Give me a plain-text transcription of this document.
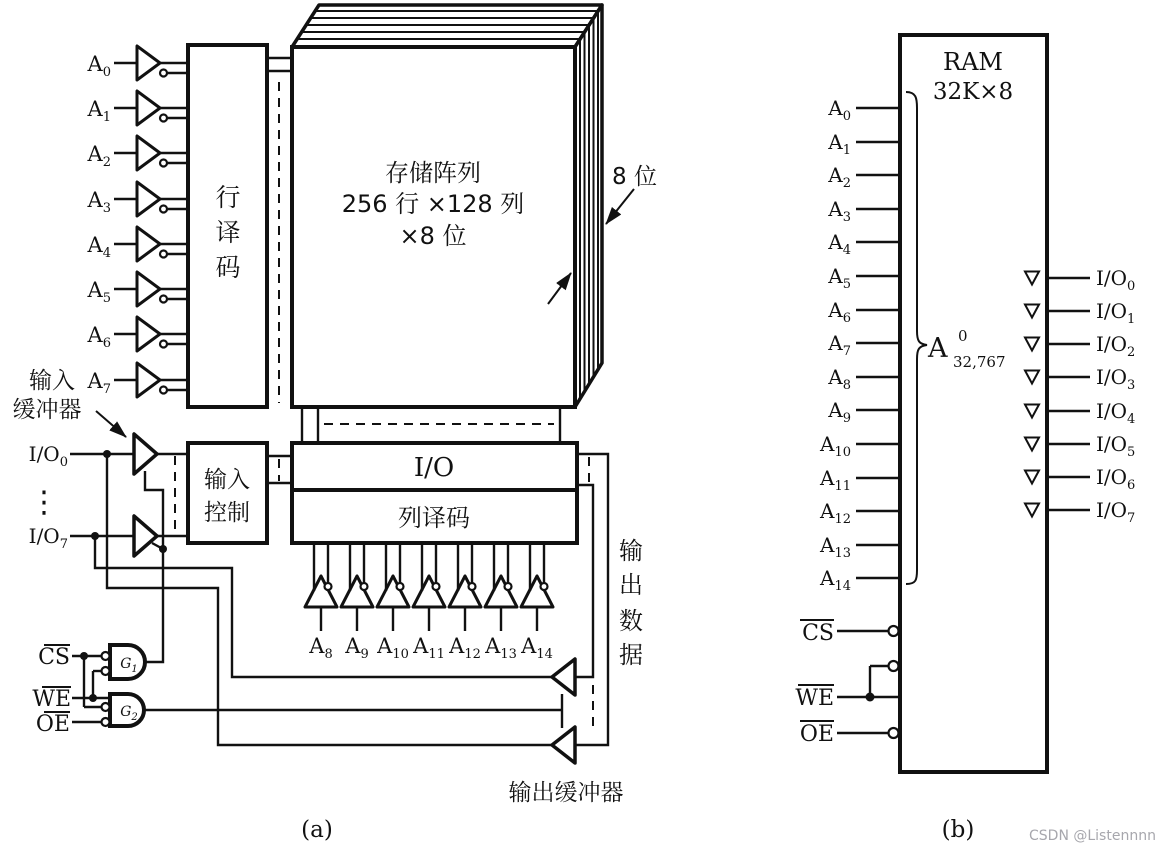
行
译
码
存储阵列
256 行 ×128 列
×8 位
8 位
输入
缓冲器
输入
控制
I/O
列译码
$A_0$
$A_1$
$A_2$
$A_3$
$A_4$
$A_5$
$A_6$
$A_7$
$I/O_0$
⋮
$I/O_7$
$A_8$ $A_9$ $A_{10}$ $A_{11}$ $A_{12}$ $A_{13}$ $A_{14}$
$G_1$
$G_2$
CS
WE
OE
输
出
数
据
输出缓冲器
(a)
RAM
32K×8
$A_0$
$A_1$
$A_2$
$A_3$
$A_4$
$A_5$
$A_6$
$A_7$
$A_8$
$A_9$
$A_{10}$
$A_{11}$
$A_{12}$
$A_{13}$
$A_{14}$
A 0
32,767
$I/O_0$
$I/O_1$
$I/O_2$
$I/O_3$
$I/O_4$
$I/O_5$
$I/O_6$
$I/O_7$
CS
WE
OE
(b)	CSDN @Listennnn
